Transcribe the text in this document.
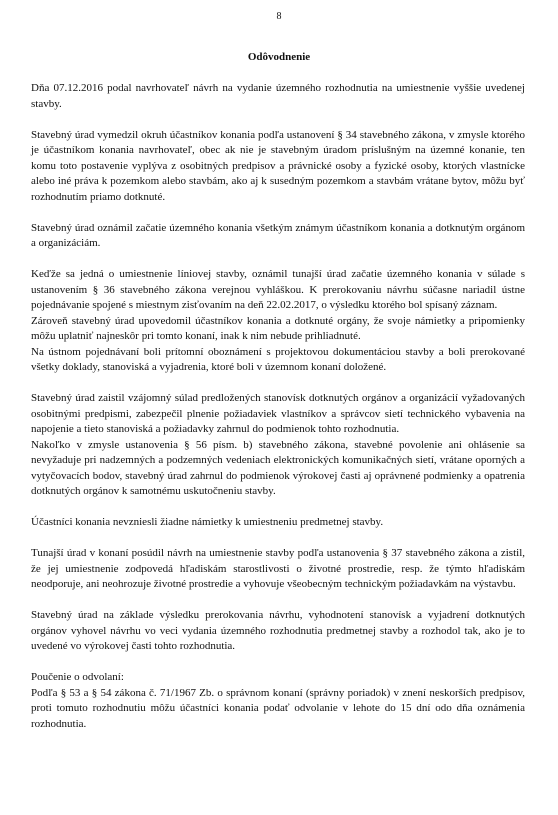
8
Odôvodnenie

Dňa 07.12.2016 podal navrhovateľ návrh na vydanie územného rozhodnutia na umiestnenie vyššie uvedenej stavby.

Stavebný úrad vymedzil okruh účastníkov konania podľa ustanovení § 34 stavebného zákona, v zmysle ktorého je účastníkom konania navrhovateľ, obec ak nie je stavebným úradom príslušným na územné konanie, ten komu toto postavenie vyplýva z osobitných predpisov a právnické osoby a fyzické osoby, ktorých vlastnícke alebo iné práva k pozemkom alebo stavbám, ako aj k susedným pozemkom a stavbám vrátane bytov, môžu byť rozhodnutím priamo dotknuté.

Stavebný úrad oznámil začatie územného konania všetkým známym účastníkom konania a dotknutým orgánom a organizáciám.

Keďže sa jedná o umiestnenie líniovej stavby, oznámil tunajší úrad začatie územného konania v súlade s ustanovením § 36 stavebného zákona verejnou vyhláškou. K prerokovaniu návrhu súčasne nariadil ústne pojednávanie spojené s miestnym zisťovaním na deň 22.02.2017, o výsledku ktorého bol spísaný záznam.

Zároveň stavebný úrad upovedomil účastníkov konania a dotknuté orgány, že svoje námietky a pripomienky môžu uplatniť najneskôr pri tomto konaní, inak k nim nebude prihliadnuté.

Na ústnom pojednávaní boli prítomní oboznámení s projektovou dokumentáciou stavby a boli prerokované všetky doklady, stanoviská a vyjadrenia, ktoré boli v územnom konaní doložené.

Stavebný úrad zaistil vzájomný súlad predložených stanovísk dotknutých orgánov a organizácií vyžadovaných osobitnými predpismi, zabezpečil plnenie požiadaviek vlastníkov a správcov sietí technického vybavenia na napojenie a tieto stanoviská a požiadavky zahrnul do podmienok tohto rozhodnutia.

Nakoľko v zmysle ustanovenia § 56 písm. b) stavebného zákona, stavebné povolenie ani ohlásenie sa nevyžaduje pri nadzemných a podzemných vedeniach elektronických komunikačných sietí, vrátane oporných a vytyčovacích bodov, stavebný úrad zahrnul do podmienok výrokovej časti aj oprávnené podmienky a opatrenia dotknutých orgánov k samotnému uskutočneniu stavby.

Účastníci konania nevzniesli žiadne námietky k umiestneniu predmetnej stavby.

Tunajší úrad v konaní posúdil návrh na umiestnenie stavby podľa ustanovenia § 37 stavebného zákona a zistil, že jej umiestnenie zodpovedá hľadiskám starostlivosti o životné prostredie, resp. že týmto hľadiskám neodporuje, ani neohrozuje životné prostredie a vyhovuje všeobecným technickým požiadavkám na výstavbu.

Stavebný úrad na základe výsledku prerokovania návrhu, vyhodnotení stanovísk a vyjadrení dotknutých orgánov vyhovel návrhu vo veci vydania územného rozhodnutia predmetnej stavby a rozhodol tak, ako je to uvedené vo výrokovej časti tohto rozhodnutia.

Poučenie o odvolaní:

Podľa § 53 a § 54 zákona č. 71/1967 Zb. o správnom konaní (správny poriadok) v znení neskorších predpisov, proti tomuto rozhodnutiu môžu účastníci konania podať odvolanie v lehote do 15 dní odo dňa oznámenia rozhodnutia.
